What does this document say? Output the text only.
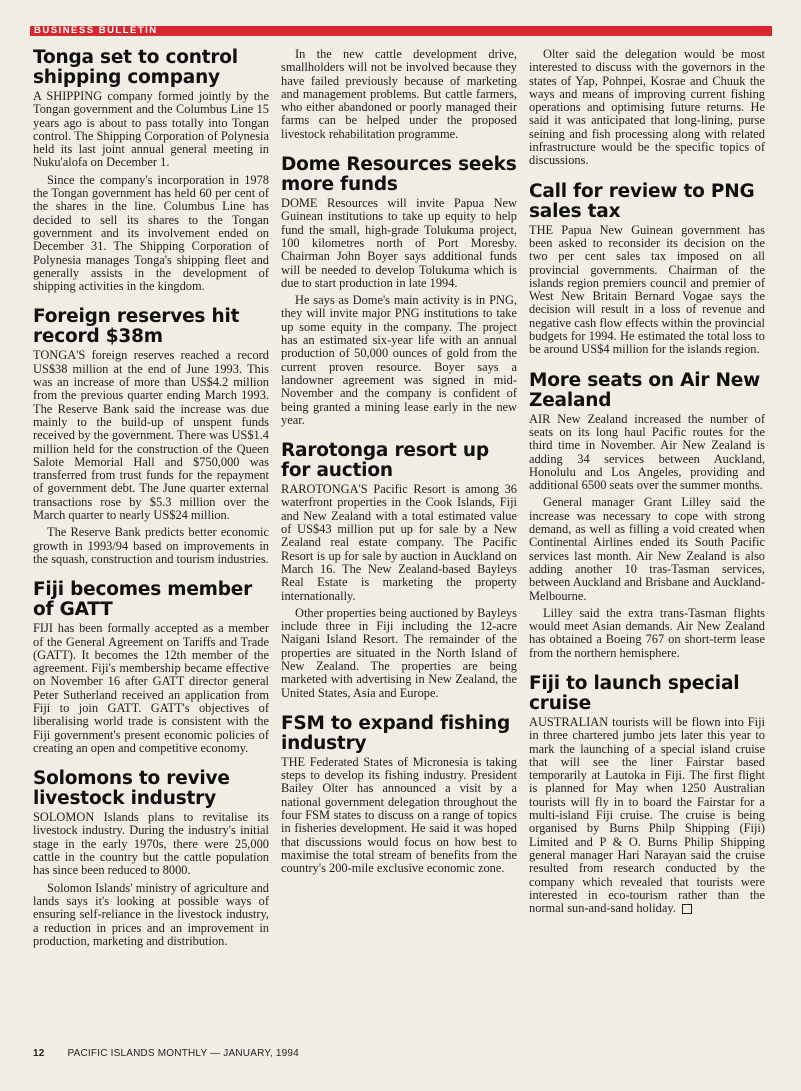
BUSINESS BULLETIN
Tonga set to control shipping company

A SHIPPING company formed jointly by the Tongan government and the Columbus Line 15 years ago is about to pass totally into Tongan control. The Shipping Corporation of Polynesia held its last joint annual general meeting in Nuku'alofa on December 1.

Since the company's incorporation in 1978 the Tongan government has held 60 per cent of the shares in the line. Columbus Line has decided to sell its shares to the Tongan government and its involvement ended on December 31. The Shipping Corporation of Polynesia manages Tonga's shipping fleet and generally assists in the development of shipping activities in the kingdom.

Foreign reserves hit record $38m

TONGA'S foreign reserves reached a record US$38 million at the end of June 1993. This was an increase of more than US$4.2 million from the previous quarter ending March 1993. The Reserve Bank said the increase was due mainly to the build-up of unspent funds received by the government. There was US$1.4 million held for the construction of the Queen Salote Memorial Hall and $750,000 was transferred from trust funds for the repayment of government debt. The June quarter external transactions rose by $5.3 million over the March quarter to nearly US$24 million.

The Reserve Bank predicts better economic growth in 1993/94 based on improvements in the squash, construction and tourism industries.

Fiji becomes member of GATT

FIJI has been formally accepted as a member of the General Agreement on Tariffs and Trade (GATT). It becomes the 12th member of the agreement. Fiji's membership became effective on November 16 after GATT director general Peter Sutherland received an application from Fiji to join GATT. GATT's objectives of liberalising world trade is consistent with the Fiji government's present economic policies of creating an open and competitive economy.

Solomons to revive livestock industry

SOLOMON Islands plans to revitalise its livestock industry. During the industry's initial stage in the early 1970s, there were 25,000 cattle in the country but the cattle population has since been reduced to 8000.

Solomon Islands' ministry of agriculture and lands says it's looking at possible ways of ensuring self-reliance in the livestock industry, a reduction in prices and an improvement in production, marketing and distribution.

In the new cattle development drive, smallholders will not be involved because they have failed previously because of marketing and management problems. But cattle farmers, who either abandoned or poorly managed their farms can be helped under the proposed livestock rehabilitation programme.

Dome Resources seeks more funds

DOME Resources will invite Papua New Guinean institutions to take up equity to help fund the small, high-grade Tolukuma project, 100 kilometres north of Port Moresby. Chairman John Boyer says additional funds will be needed to develop Tolukuma which is due to start production in late 1994.

He says as Dome's main activity is in PNG, they will invite major PNG institutions to take up some equity in the company. The project has an estimated six-year life with an annual production of 50,000 ounces of gold from the current proven resource. Boyer says a landowner agreement was signed in mid-November and the company is confident of being granted a mining lease early in the new year.

Rarotonga resort up for auction

RAROTONGA'S Pacific Resort is among 36 waterfront properties in the Cook Islands, Fiji and New Zealand with a total estimated value of US$43 million put up for sale by a New Zealand real estate company. The Pacific Resort is up for sale by auction in Auckland on March 16. The New Zealand-based Bayleys Real Estate is marketing the property internationally.

Other properties being auctioned by Bayleys include three in Fiji including the 12-acre Naigani Island Resort. The remainder of the properties are situated in the North Island of New Zealand. The properties are being marketed with advertising in New Zealand, the United States, Asia and Europe.

FSM to expand fishing industry

THE Federated States of Micronesia is taking steps to develop its fishing industry. President Bailey Olter has announced a visit by a national government delegation throughout the four FSM states to discuss on a range of topics in fisheries development. He said it was hoped that discussions would focus on how best to maximise the total stream of benefits from the country's 200-mile exclusive economic zone.

Olter said the delegation would be most interested to discuss with the governors in the states of Yap, Pohnpei, Kosrae and Chuuk the ways and means of improving current fishing operations and optimising future returns. He said it was anticipated that long-lining, purse seining and fish processing along with related infrastructure would be the specific topics of discussions.

Call for review to PNG sales tax

THE Papua New Guinean government has been asked to reconsider its decision on the two per cent sales tax imposed on all provincial governments. Chairman of the islands region premiers council and premier of West New Britain Bernard Vogae says the decision will result in a loss of revenue and negative cash flow effects within the provincial budgets for 1994. He estimated the total loss to be around US$4 million for the islands region.

More seats on Air New Zealand

AIR New Zealand increased the number of seats on its long haul Pacific routes for the third time in November. Air New Zealand is adding 34 services between Auckland, Honolulu and Los Angeles, providing and additional 6500 seats over the summer months.

General manager Grant Lilley said the increase was necessary to cope with strong demand, as well as filling a void created when Continental Airlines ended its South Pacific services last month. Air New Zealand is also adding another 10 tras-Tasman services, between Auckland and Brisbane and Auckland-Melbourne.

Lilley said the extra trans-Tasman flights would meet Asian demands. Air New Zealand has obtained a Boeing 767 on short-term lease from the northern hemisphere.

Fiji to launch special cruise

AUSTRALIAN tourists will be flown into Fiji in three chartered jumbo jets later this year to mark the launching of a special island cruise that will see the liner Fairstar based temporarily at Lautoka in Fiji. The first flight is planned for May when 1250 Australian tourists will fly in to board the Fairstar for a multi-island Fiji cruise. The cruise is being organised by Burns Philp Shipping (Fiji) Limited and P & O. Burns Philip Shipping general manager Hari Narayan said the cruise resulted from research conducted by the company which revealed that tourists were interested in eco-tourism rather than the normal sun-and-sand holiday.

12 PACIFIC ISLANDS MONTHLY — JANUARY, 1994
